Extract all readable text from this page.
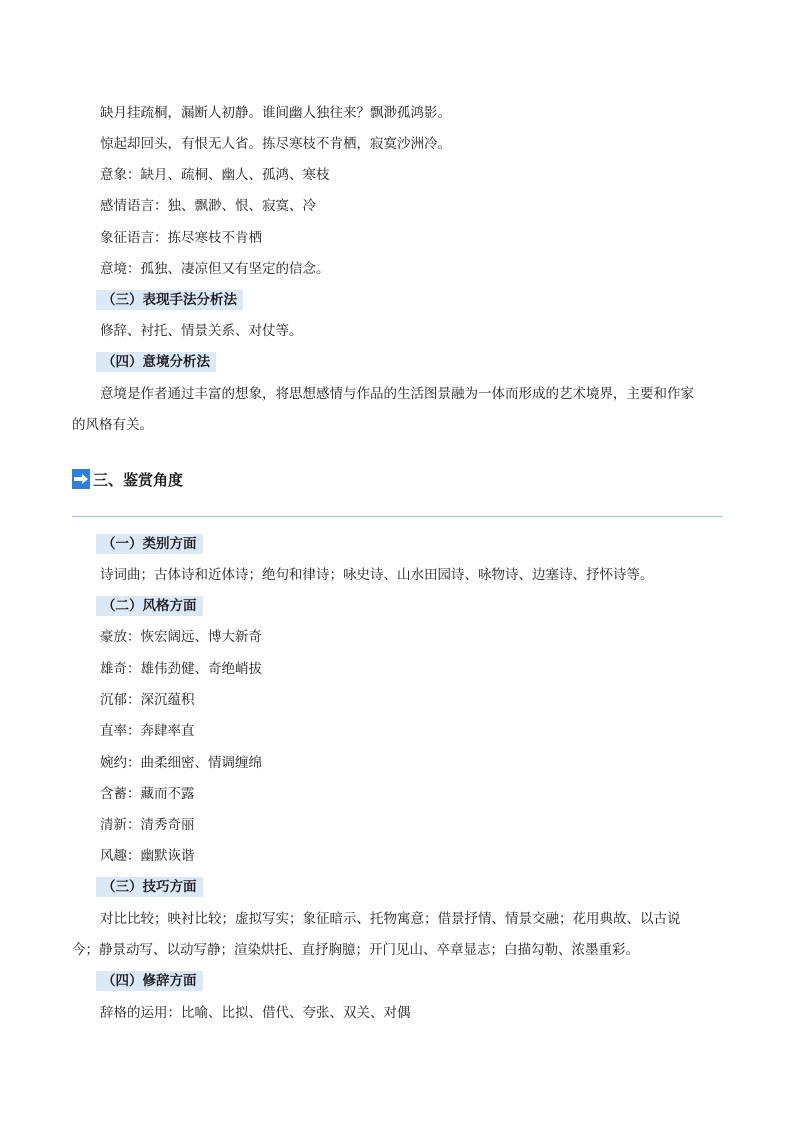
缺月挂疏桐，漏断人初静。谁间幽人独往来？飘渺孤鸿影。
惊起却回头，有恨无人省。拣尽寒枝不肯栖，寂寞沙洲冷。
意象：缺月、疏桐、幽人、孤鸿、寒枝
感情语言：独、飘渺、恨、寂寞、冷
象征语言：拣尽寒枝不肯栖
意境：孤独、凄凉但又有坚定的信念。
（三）表现手法分析法
修辞、衬托、情景关系、对仗等。
（四）意境分析法
意境是作者通过丰富的想象，将思想感情与作品的生活图景融为一体而形成的艺术境界，主要和作家
的风格有关。
三、鉴赏角度
（一）类别方面
诗词曲；古体诗和近体诗；绝句和律诗；咏史诗、山水田园诗、咏物诗、边塞诗、抒怀诗等。
（二）风格方面
豪放：恢宏阔远、博大新奇
雄奇：雄伟劲健、奇绝峭拔
沉郁：深沉蕴积
直率：奔肆率直
婉约：曲柔细密、情调缠绵
含蓄：藏而不露
清新：清秀奇丽
风趣：幽默诙谐
（三）技巧方面
对比比较；映衬比较；虚拟写实；象征暗示、托物寓意；借景抒情、情景交融；花用典故、以古说
今；静景动写、以动写静；渲染烘托、直抒胸臆；开门见山、卒章显志；白描勾勒、浓墨重彩。
（四）修辞方面
辞格的运用：比喻、比拟、借代、夸张、双关、对偶
